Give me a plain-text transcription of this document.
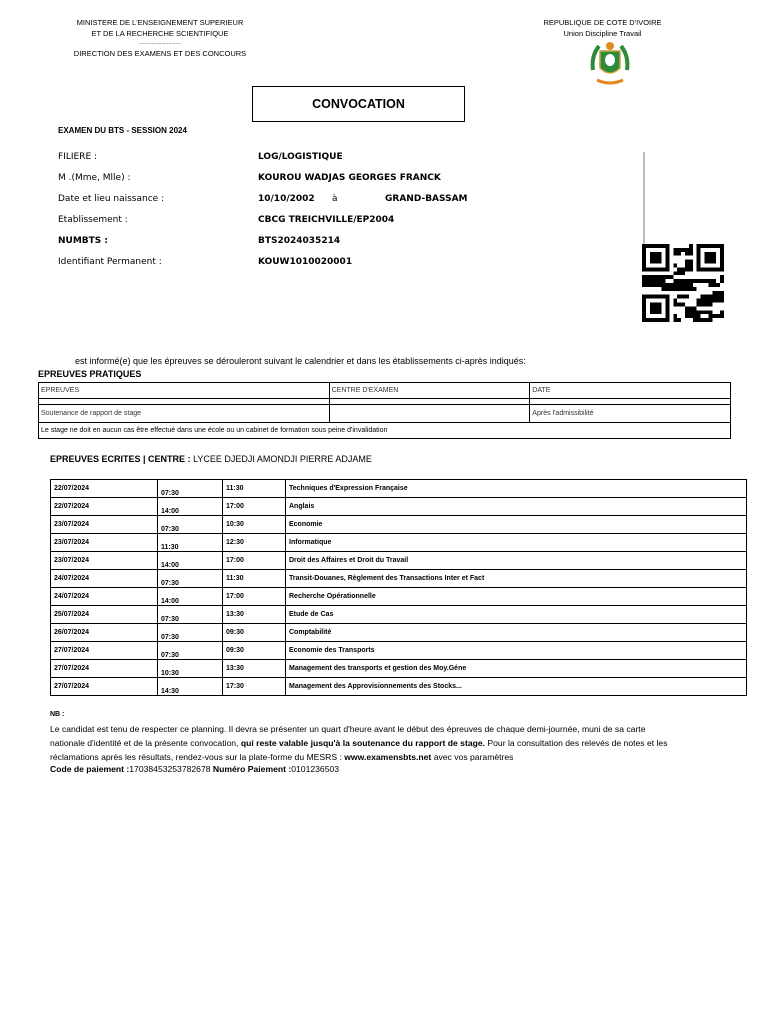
MINISTERE DE L'ENSEIGNEMENT SUPERIEUR
ET DE LA RECHERCHE SCIENTIFIQUE
..............................
DIRECTION DES EXAMENS ET DES CONCOURS
REPUBLIQUE DE COTE D'IVOIRE
Union Discipline Travail
CONVOCATION
EXAMEN DU BTS - SESSION 2024
FILIERE :	LOG/LOGISTIQUE
M .(Mme, Mlle) :	KOUROU WADJAS GEORGES FRANCK
Date et lieu naissance :	10/10/2002 à	GRAND-BASSAM
Etablissement :	CBCG TREICHVILLE/EP2004
NUMBTS :	BTS2024035214
Identifiant Permanent :	KOUW1010020001
est informé(e) que les épreuves se dérouleront suivant le calendrier et dans les établissements ci-après indiqués:
EPREUVES PRATIQUES
EPREUVES	CENTRE D'EXAMEN	DATE

Soutenance de rapport de stage		Après l'admissibilité
Le stage ne doit en aucun cas être effectué dans une école ou un cabinet de formation sous peine d'invalidation		
EPREUVES ECRITES | CENTRE : LYCEE DJEDJI AMONDJI PIERRE ADJAME
22/07/2024	07:30	11:30	Techniques d'Expression Française
22/07/2024	14:00	17:00	Anglais
23/07/2024	07:30	10:30	Economie
23/07/2024	11:30	12:30	Informatique
23/07/2024	14:00	17:00	Droit des Affaires et Droit du Travail
24/07/2024	07:30	11:30	Transit-Douanes, Règlement des Transactions Inter et Fact
24/07/2024	14:00	17:00	Recherche Opérationnelle
25/07/2024	07:30	13:30	Etude de Cas
26/07/2024	07:30	09:30	Comptabilité
27/07/2024	07:30	09:30	Economie des Transports
27/07/2024	10:30	13:30	Management des transports et gestion des Moy.Géne
27/07/2024	14:30	17:30	Management des Approvisionnements des Stocks...
NB :
Le candidat est tenu de respecter ce planning. Il devra se présenter un quart d'heure avant le début des épreuves de chaque demi-journée, muni de sa carte nationale d'identité et de la présente convocation, qui reste valable jusqu'à la soutenance du rapport de stage. Pour la consultation des relevés de notes et les réclamations après les résultats, rendez-vous sur la plate-forme du MESRS : www.examensbts.net avec vos paramètres
Code de paiement :17038453253782678 Numéro Paiement :0101236503
